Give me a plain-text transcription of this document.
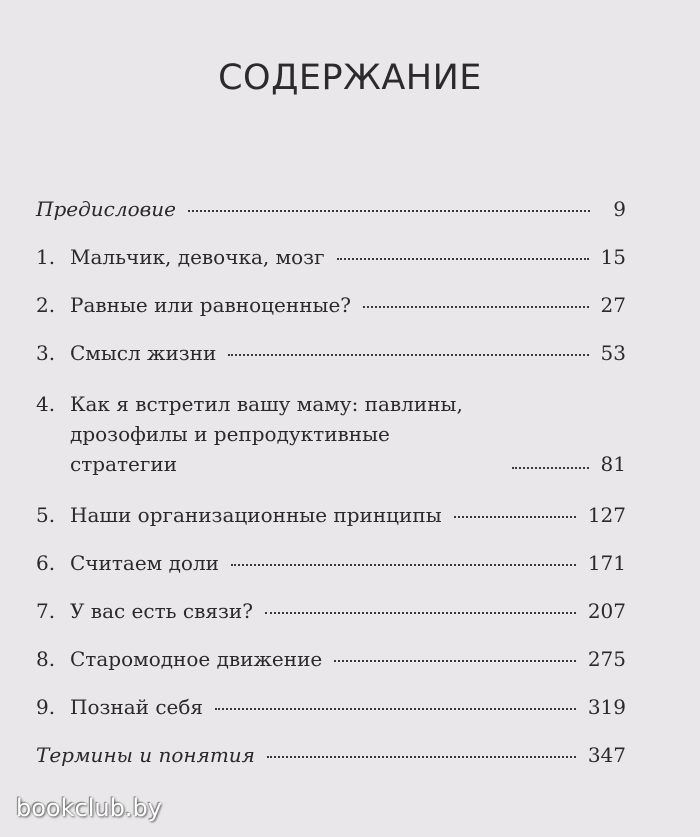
СОДЕРЖАНИЕ
Предисловие	9
1. Мальчик, девочка, мозг	15
2. Равные или равноценные?	27
3. Смысл жизни	53
4. Как я встретил вашу маму: павлины, дрозофилы и репродуктивные стратегии	81
5. Наши организационные принципы	127
6. Считаем доли	171
7. У вас есть связи?	207
8. Старомодное движение	275
9. Познай себя	319
Термины и понятия	347
bookclub.by
